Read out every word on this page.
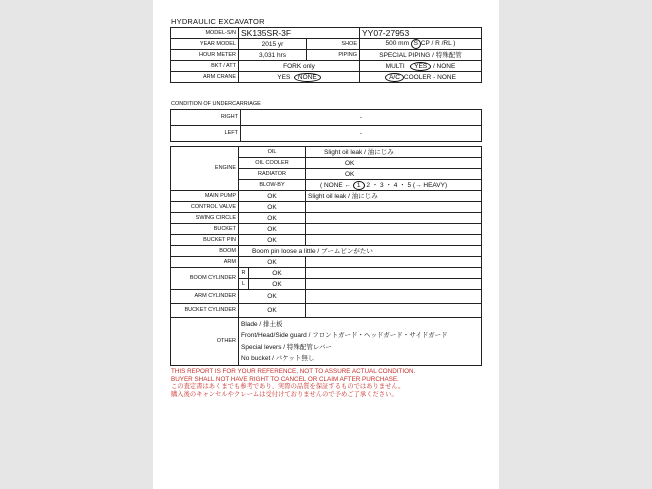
HYDRAULIC EXCAVATOR
MODEL-S/N	SK135SR-3F		YY07-27953
YEAR MODEL	2015 yr	SHOE	500 mm S CP / R /RL )
HOUR METER	3,031 hrs	PIPING	SPECIAL PIPING / 特殊配管
BKT / ATT	FORK only		MULTI YES / NONE
ARM CRANE	YES NONE		A/C COOLER - NONE
CONDITION OF UNDERCARRIAGE
RIGHT	-
LEFT	-
ENGINE	OIL		Slight oil leak / 油にじみ
	OIL COOLER		OK
	RADIATOR		OK
	BLOW-BY		( NONE ← 1 2 ・ 3 ・ 4 ・ 5 (→ HEAVY)
MAIN PUMP	OK		Slight oil leak / 油にじみ
CONTROL VALVE	OK		
SWING CIRCLE	OK		
BUCKET	OK		
BUCKET PIN	OK		
BOOM	Boom pin loose a little / ブームピンがたい		
ARM	OK		
BOOM CYLINDER	R	OK	
	L	OK	
ARM CYLINDER	OK		
BUCKET CYLINDER	OK		
OTHER	Blade / 排土板
Front/Head/Side guard / フロントガード・ヘッドガード・サイドガード
Special levers / 特殊配管レバー
No bucket / バケット無し		
THIS REPORT IS FOR YOUR REFERENCE, NOT TO ASSURE ACTUAL CONDITION.
BUYER SHALL NOT HAVE RIGHT TO CANCEL OR CLAIM AFTER PURCHASE.
この査定書はあくまでも参考であり、実際の品質を保証するものではありません。
購入後のキャンセルやクレームは受付けておりませんので予めご了承ください。
